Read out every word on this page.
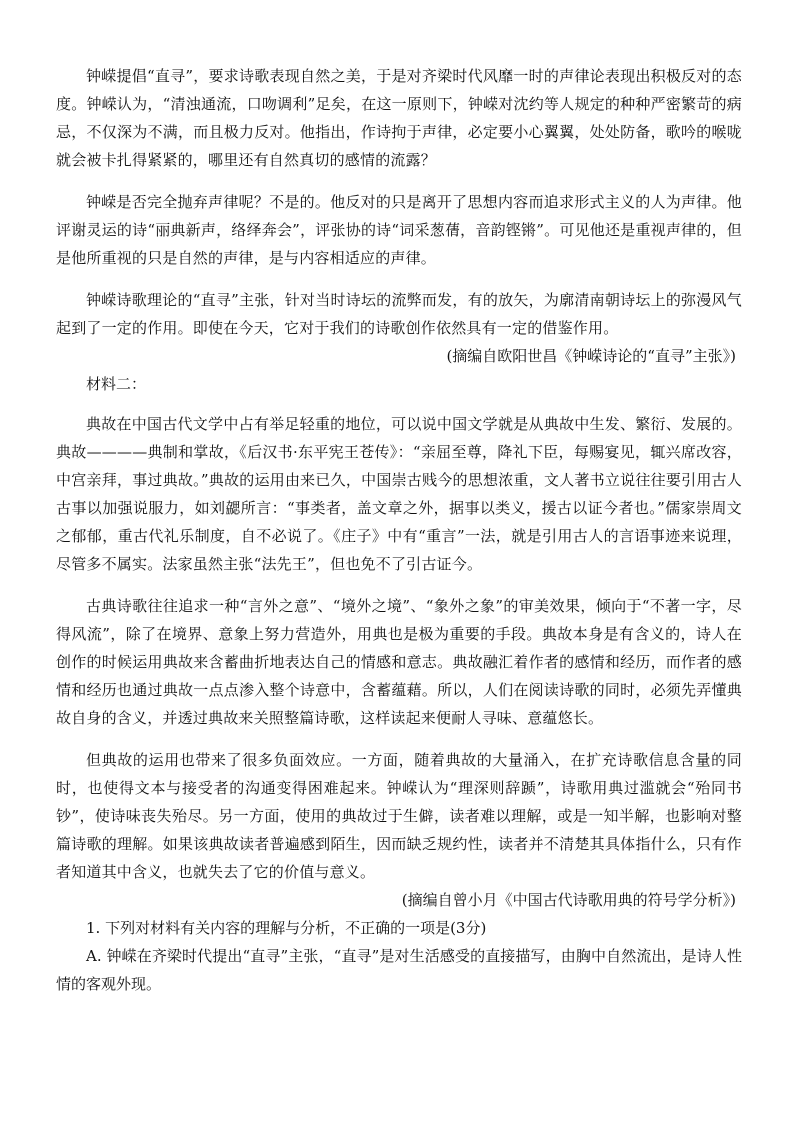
钟嵘提倡“直寻”，要求诗歌表现自然之美，于是对齐梁时代风靡一时的声律论表现出积极反对的态度。钟嵘认为，“清浊通流，口吻调利”足矣，在这一原则下，钟嵘对沈约等人规定的种种严密繁苛的病忌，不仅深为不满，而且极力反对。他指出，作诗拘于声律，必定要小心翼翼，处处防备，歌吟的喉咙就会被卡扎得紧紧的，哪里还有自然真切的感情的流露？

钟嵘是否完全抛弃声律呢？不是的。他反对的只是离开了思想内容而追求形式主义的人为声律。他评谢灵运的诗“丽典新声，络绎奔会”，评张协的诗“词采葱蒨，音韵铿锵”。可见他还是重视声律的，但是他所重视的只是自然的声律，是与内容相适应的声律。

钟嵘诗歌理论的“直寻”主张，针对当时诗坛的流弊而发，有的放矢，为廓清南朝诗坛上的弥漫风气起到了一定的作用。即使在今天，它对于我们的诗歌创作依然具有一定的借鉴作用。

(摘编自欧阳世昌《钟嵘诗论的“直寻”主张》)

材料二：

典故在中国古代文学中占有举足轻重的地位，可以说中国文学就是从典故中生发、繁衍、发展的。典故————典制和掌故，《后汉书·东平宪王苍传》：“亲屈至尊，降礼下臣，每赐宴见，辄兴席改容，中宫亲拜，事过典故。”典故的运用由来已久，中国崇古贱今的思想浓重，文人著书立说往往要引用古人古事以加强说服力，如刘勰所言：“事类者，盖文章之外，据事以类义，援古以证今者也。”儒家崇周文之郁郁，重古代礼乐制度，自不必说了。《庄子》中有“重言”一法，就是引用古人的言语事迹来说理，尽管多不属实。法家虽然主张“法先王”，但也免不了引古证今。

古典诗歌往往追求一种“言外之意”、“境外之境”、“象外之象”的审美效果，倾向于“不著一字，尽得风流”，除了在境界、意象上努力营造外，用典也是极为重要的手段。典故本身是有含义的，诗人在创作的时候运用典故来含蓄曲折地表达自己的情感和意志。典故融汇着作者的感情和经历，而作者的感情和经历也通过典故一点点渗入整个诗意中，含蓄蕴藉。所以，人们在阅读诗歌的同时，必须先弄懂典故自身的含义，并透过典故来关照整篇诗歌，这样读起来便耐人寻味、意蕴悠长。

但典故的运用也带来了很多负面效应。一方面，随着典故的大量涌入，在扩充诗歌信息含量的同时，也使得文本与接受者的沟通变得困难起来。钟嵘认为“理深则辞踬”，诗歌用典过滥就会“殆同书钞”，使诗味丧失殆尽。另一方面，使用的典故过于生僻，读者难以理解，或是一知半解，也影响对整篇诗歌的理解。如果该典故读者普遍感到陌生，因而缺乏规约性，读者并不清楚其具体指什么，只有作者知道其中含义，也就失去了它的价值与意义。

(摘编自曾小月《中国古代诗歌用典的符号学分析》)

1. 下列对材料有关内容的理解与分析，不正确的一项是(3分)

A. 钟嵘在齐梁时代提出“直寻”主张，“直寻”是对生活感受的直接描写，由胸中自然流出，是诗人性情的客观外现。
